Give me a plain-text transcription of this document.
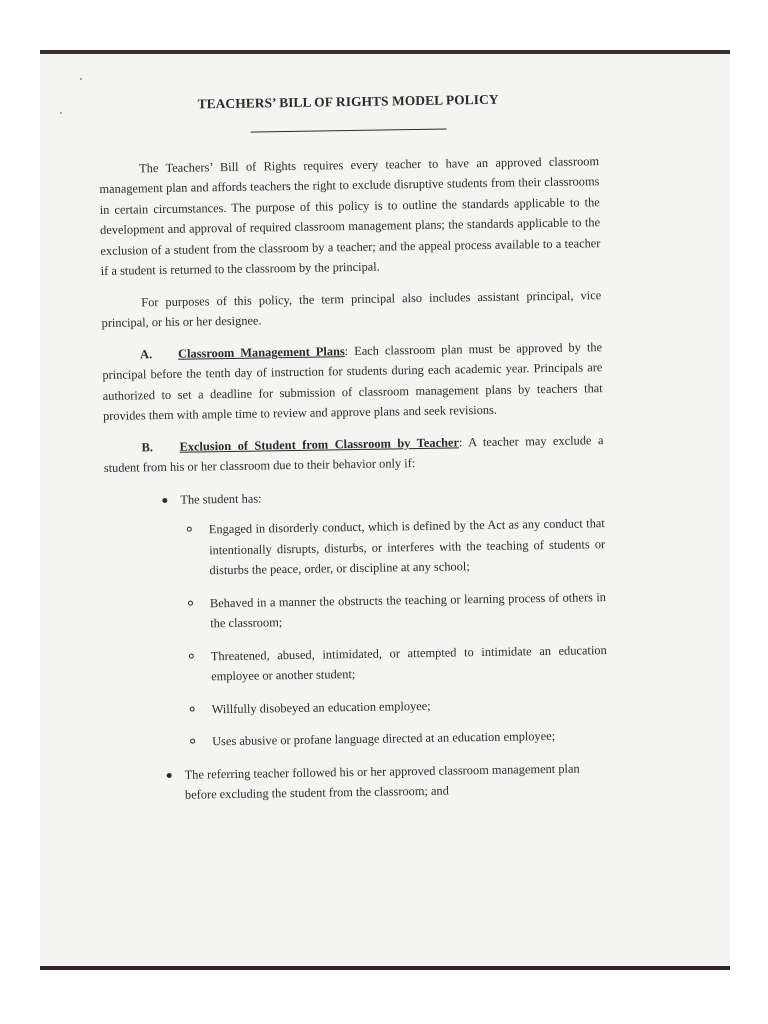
TEACHERS’ BILL OF RIGHTS MODEL POLICY

The Teachers’ Bill of Rights requires every teacher to have an approved classroom management plan and affords teachers the right to exclude disruptive students from their classrooms in certain circumstances. The purpose of this policy is to outline the standards applicable to the development and approval of required classroom management plans; the standards applicable to the exclusion of a student from the classroom by a teacher; and the appeal process available to a teacher if a student is returned to the classroom by the principal.

For purposes of this policy, the term principal also includes assistant principal, vice principal, or his or her designee.

A. Classroom Management Plans: Each classroom plan must be approved by the principal before the tenth day of instruction for students during each academic year. Principals are authorized to set a deadline for submission of classroom management plans by teachers that provides them with ample time to review and approve plans and seek revisions.

B. Exclusion of Student from Classroom by Teacher: A teacher may exclude a student from his or her classroom due to their behavior only if:

The student has:
Engaged in disorderly conduct, which is defined by the Act as any conduct that intentionally disrupts, disturbs, or interferes with the teaching of students or disturbs the peace, order, or discipline at any school;
Behaved in a manner the obstructs the teaching or learning process of others in the classroom;
Threatened, abused, intimidated, or attempted to intimidate an education employee or another student;
Willfully disobeyed an education employee;
Uses abusive or profane language directed at an education employee;
The referring teacher followed his or her approved classroom management plan before excluding the student from the classroom; and
